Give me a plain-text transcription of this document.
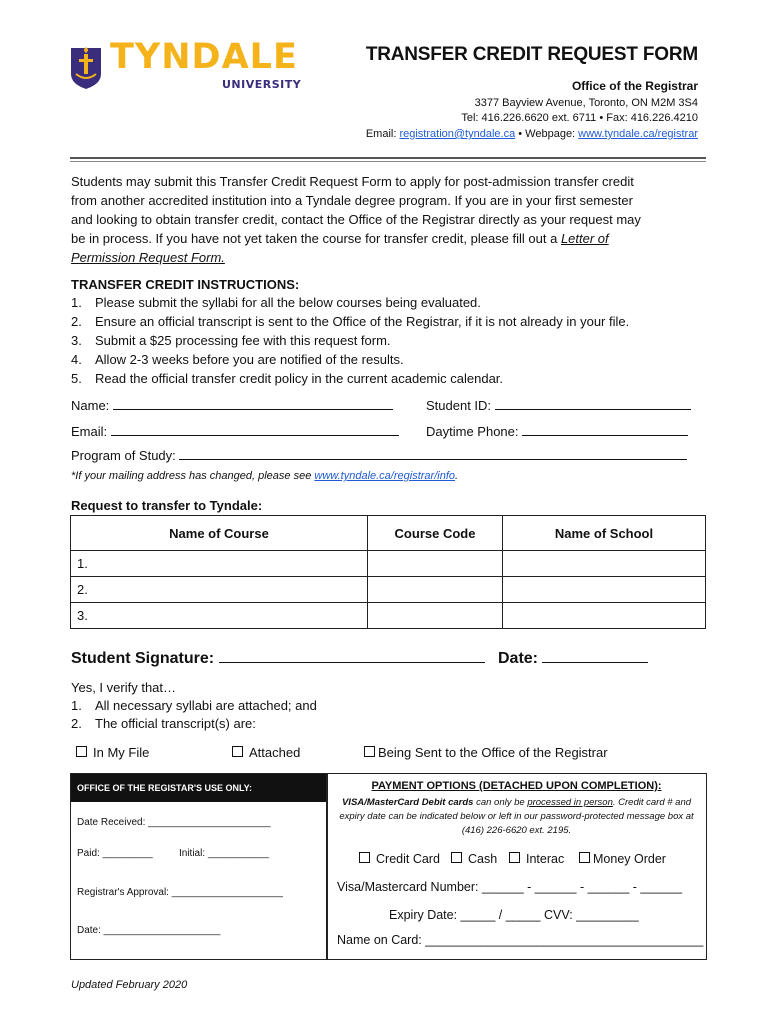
TYNDALE
UNIVERSITY
TRANSFER CREDIT REQUEST FORM
Office of the Registrar
3377 Bayview Avenue, Toronto, ON M2M 3S4
Tel: 416.226.6620 ext. 6711 • Fax: 416.226.4210
Email: registration@tyndale.ca • Webpage: www.tyndale.ca/registrar
Students may submit this Transfer Credit Request Form to apply for post-admission transfer credit
from another accredited institution into a Tyndale degree program. If you are in your first semester
and looking to obtain transfer credit, contact the Office of the Registrar directly as your request may
be in process. If you have not yet taken the course for transfer credit, please fill out a Letter of
Permission Request Form.
TRANSFER CREDIT INSTRUCTIONS:
1. Please submit the syllabi for all the below courses being evaluated.
2. Ensure an official transcript is sent to the Office of the Registrar, if it is not already in your file.
3. Submit a $25 processing fee with this request form.
4. Allow 2-3 weeks before you are notified of the results.
5. Read the official transfer credit policy in the current academic calendar.
Name:	Student ID:
Email:	Daytime Phone:
Program of Study:
*If your mailing address has changed, please see www.tyndale.ca/registrar/info.
Request to transfer to Tyndale:
Name of Course	Course Code	Name of School
1.		
2.		
3.		
Student Signature:	Date:
Yes, I verify that…
1. All necessary syllabi are attached; and
2. The official transcript(s) are:
In My File	Attached	Being Sent to the Office of the Registrar
OFFICE OF THE REGISTAR'S USE ONLY:
Date Received: ______________________
Paid: _________	Initial: ___________
Registrar's Approval: ____________________
Date: _____________________
PAYMENT OPTIONS (DETACHED UPON COMPLETION):
VISA/MasterCard Debit cards can only be processed in person. Credit card # and expiry date can be indicated below or left in our password-protected message box at (416) 226-6620 ext. 2195.
Credit Card	Cash	Interac	Money Order
Visa/Mastercard Number: ______ - ______ - ______ - ______
Expiry Date: _____ / _____ CVV: _________
Name on Card: ________________________________________
Updated February 2020
